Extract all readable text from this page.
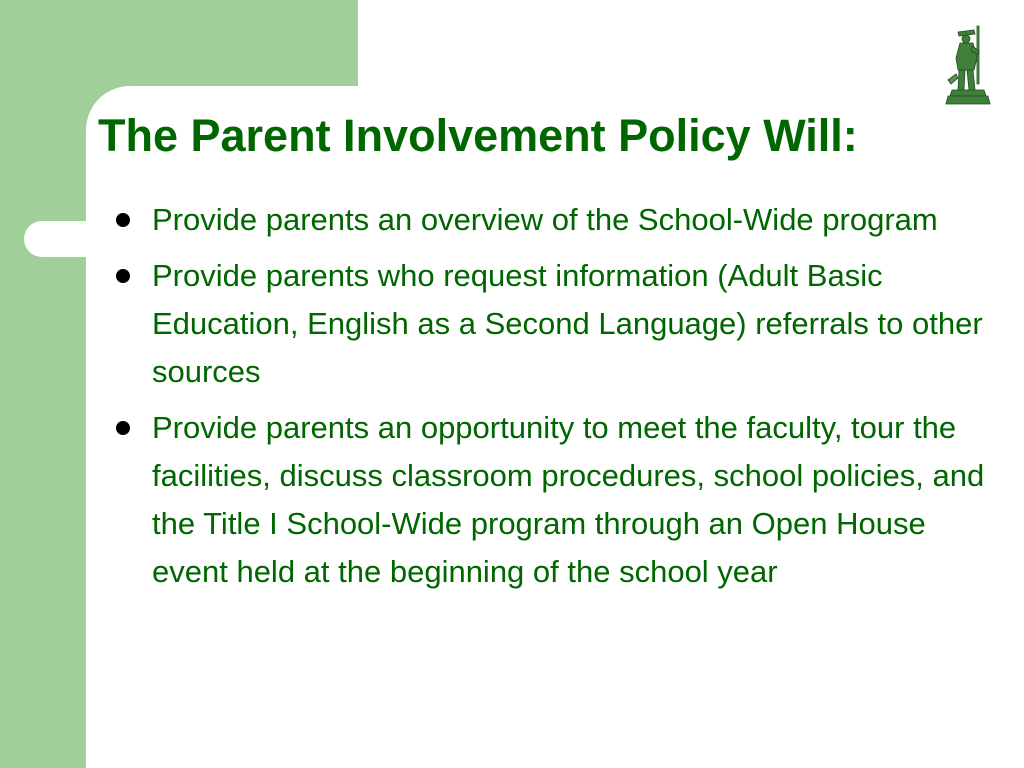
The Parent Involvement Policy Will:
Provide parents an overview of the School-Wide program
Provide parents who request information (Adult Basic Education, English as a Second Language) referrals to other sources
Provide parents an opportunity to meet the faculty, tour the facilities, discuss classroom procedures, school policies, and the Title I School-Wide program through an Open House event held at the beginning of the school year
